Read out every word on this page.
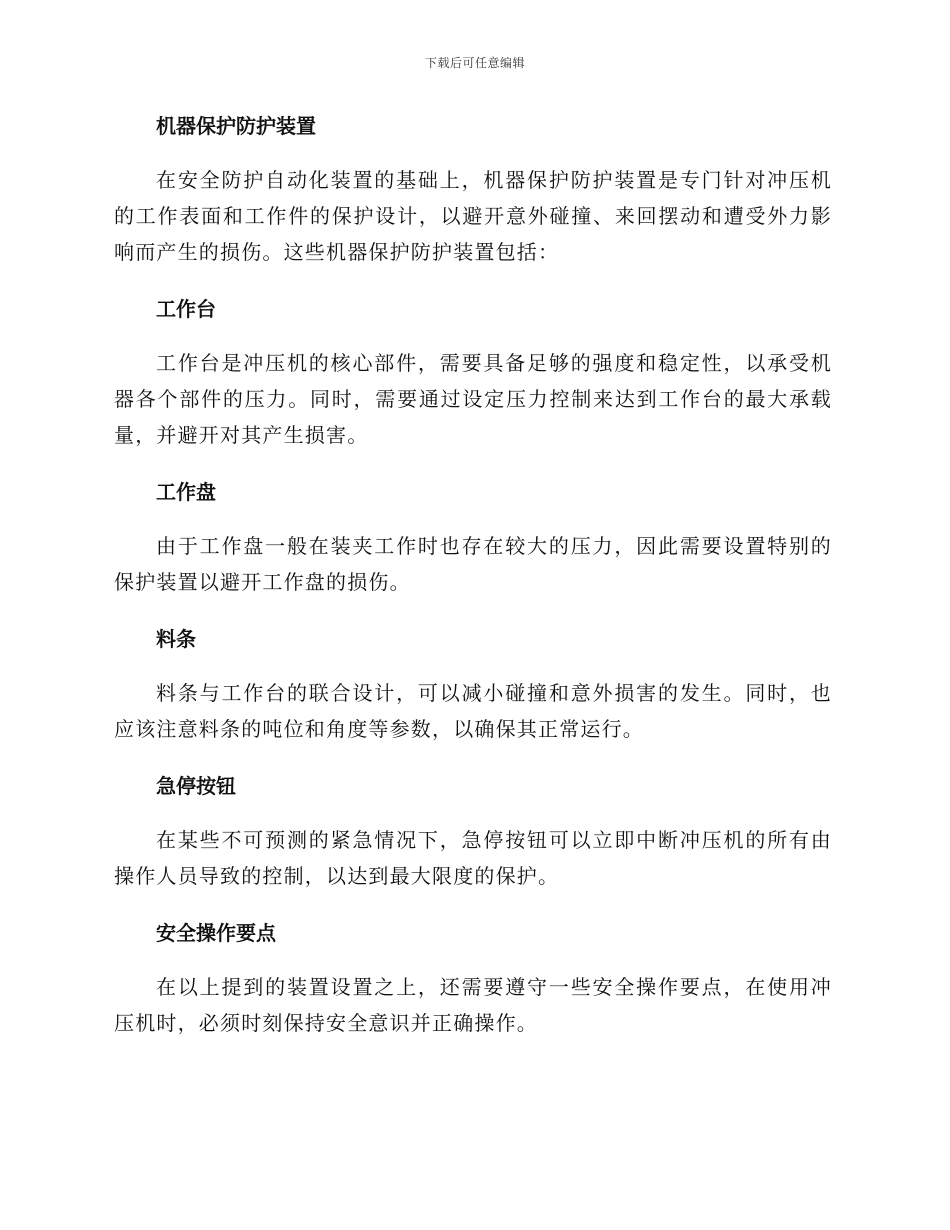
下载后可任意编辑
机器保护防护装置

在安全防护自动化装置的基础上，机器保护防护装置是专门针对冲压机的工作表面和工作件的保护设计，以避开意外碰撞、来回摆动和遭受外力影响而产生的损伤。这些机器保护防护装置包括：

工作台

工作台是冲压机的核心部件，需要具备足够的强度和稳定性，以承受机器各个部件的压力。同时，需要通过设定压力控制来达到工作台的最大承载量，并避开对其产生损害。

工作盘

由于工作盘一般在装夹工作时也存在较大的压力，因此需要设置特别的保护装置以避开工作盘的损伤。

料条

料条与工作台的联合设计，可以减小碰撞和意外损害的发生。同时，也应该注意料条的吨位和角度等参数，以确保其正常运行。

急停按钮

在某些不可预测的紧急情况下，急停按钮可以立即中断冲压机的所有由操作人员导致的控制，以达到最大限度的保护。

安全操作要点

在以上提到的装置设置之上，还需要遵守一些安全操作要点，在使用冲压机时，必须时刻保持安全意识并正确操作。
